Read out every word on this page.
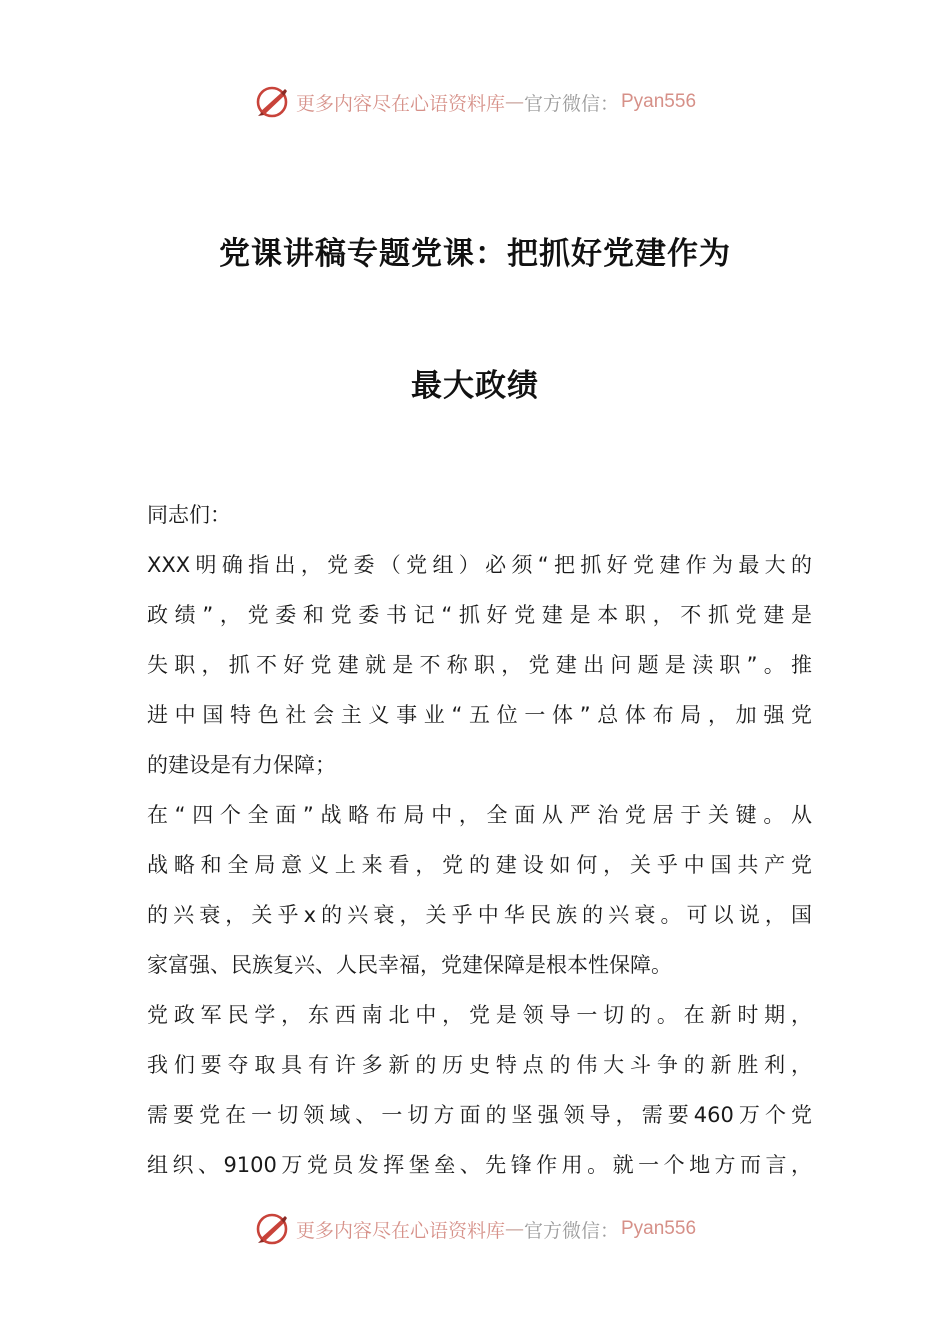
更多内容尽在心语资料库 — 官方微信： Pyan556
党课讲稿专题党课：把抓好党建作为
最大政绩
同志们：
XXX明确指出，党委（党组）必须“把抓好党建作为最大的
政绩”，党委和党委书记“抓好党建是本职，不抓党建是
失职，抓不好党建就是不称职，党建出问题是渎职”。推
进中国特色社会主义事业“五位一体”总体布局，加强党
的建设是有力保障；
在“四个全面”战略布局中，全面从严治党居于关键。从
战略和全局意义上来看，党的建设如何，关乎中国共产党
的兴衰，关乎x的兴衰，关乎中华民族的兴衰。可以说，国
家富强、民族复兴、人民幸福，党建保障是根本性保障。
党政军民学，东西南北中，党是领导一切的。在新时期，
我们要夺取具有许多新的历史特点的伟大斗争的新胜利，
需要党在一切领域、一切方面的坚强领导，需要460万个党
组织、9100万党员发挥堡垒、先锋作用。就一个地方而言，
更多内容尽在心语资料库 — 官方微信： Pyan556
